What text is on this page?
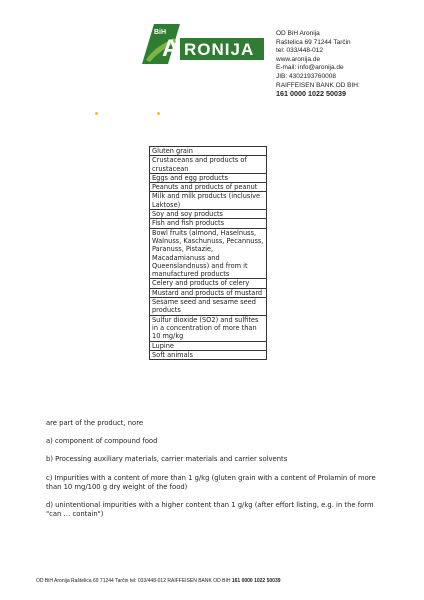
BiH
A RONIJA
OD BiH Aronija
Raštelica 69 71244 Tarčin
tel: 033/448-012
www.aronija.de
E-mail: info@aronija.de
JIB: 4302193760008
RAIFFEISEN BANK OD BIH:
161 0000 1022 50039
Gluten grain
Crustaceans and products of crustacean
Eggs and egg products
Peanuts and products of peanut
Milk and milk products (inclusive Laktose)
Soy and soy products
Fish and fish products
Bowl fruits (almond, Haselnuss, Walnuss, Kaschunuss, Pecannuss, Paranuss, Pistazie, Macadamianuss and Queenslandnuss) and from it manufactured products
Celery and products of celery
Mustard and products of mustard
Sesame seed and sesame seed products
Sulfur dioxide (SO2) and sulfites in a concentration of more than 10 mg/kg
Lupine
Soft animals

are part of the product, nore

a) component of compound food

b) Processing auxiliary materials, carrier materials and carrier solvents

c) Impurities with a content of more than 1 g/kg (gluten grain with a content of Prolamin of more than 10 mg/100 g dry weight of the food)

d) unintentional impurities with a higher content than 1 g/kg (after effort listing, e.g. in the form "can … contain")

OD BiH Aronija Raštelica 69 71244 Tarčin tel: 033/448-012 RAIFFEISEN BANK OD BIH 161 0000 1022 50039
